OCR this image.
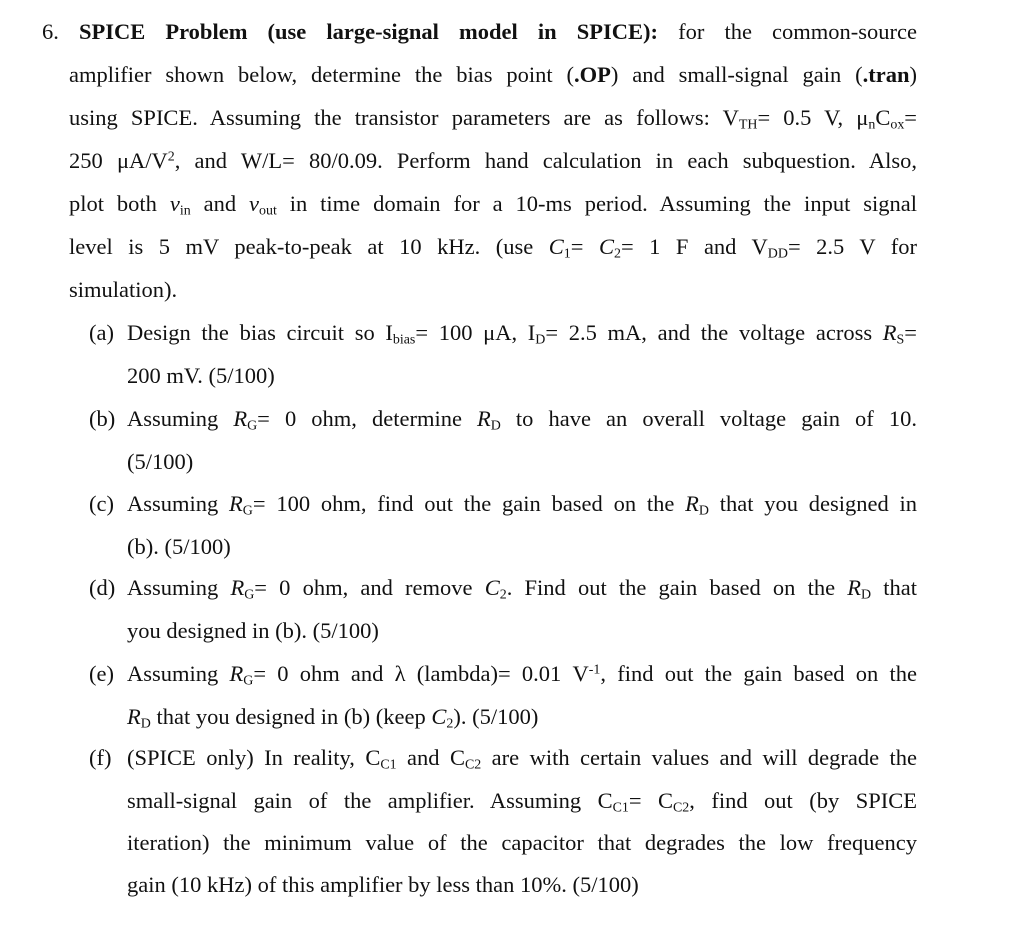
6. SPICE Problem (use large-signal model in SPICE): for the common-source
amplifier shown below, determine the bias point (.OP) and small-signal gain (.tran)
using SPICE. Assuming the transistor parameters are as follows: $V_{TH}= 0.5$ V, $\mu_nC_{ox}=$
250 $\mu A/V^2$, and W/L= 80/0.09. Perform hand calculation in each subquestion. Also,
plot both $v_{in}$ and $v_{out}$ in time domain for a 10-ms period. Assuming the input signal
level is 5 mV peak-to-peak at 10 kHz. (use $C_1= C_2= 1$ F and $V_{DD}= 2.5$ V for
simulation).
(a) Design the bias circuit so $I_{bias}= 100$ μA, $I_D= 2.5$ mA, and the voltage across $R_S=$
200 mV. (5/100)
(b) Assuming $R_G= 0$ ohm, determine $R_D$ to have an overall voltage gain of 10.
(5/100)
(c) Assuming $R_G= 100$ ohm, find out the gain based on the $R_D$ that you designed in
(b). (5/100)
(d) Assuming $R_G= 0$ ohm, and remove $C_2$. Find out the gain based on the $R_D$ that
you designed in (b). (5/100)
(e) Assuming $R_G= 0$ ohm and λ (lambda)= 0.01 $V^{-1}$, find out the gain based on the
$R_D$ that you designed in (b) (keep $C_2$). (5/100)
(f) (SPICE only) In reality, $C_{C1}$ and $C_{C2}$ are with certain values and will degrade the
small-signal gain of the amplifier. Assuming $C_{C1}= C_{C2}$, find out (by SPICE
iteration) the minimum value of the capacitor that degrades the low frequency
gain (10 kHz) of this amplifier by less than 10%. (5/100)
